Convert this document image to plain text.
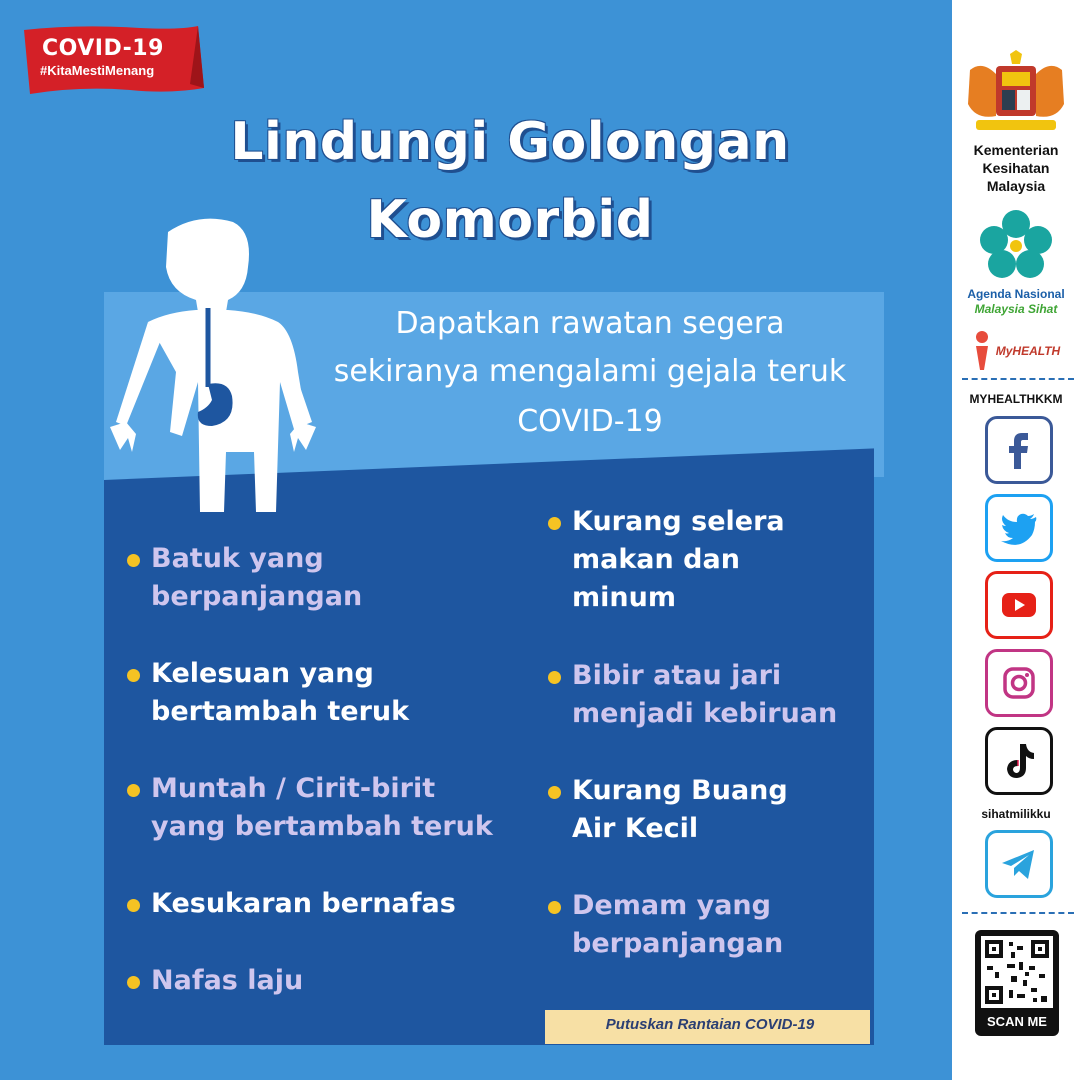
COVID-19
#KitaMestiMenang
Lindungi Golongan
Komorbid
Dapatkan rawatan segera
sekiranya mengalami gejala teruk
COVID-19
Batuk yang
berpanjangan
Kelesuan yang
bertambah teruk
Muntah / Cirit-birit
yang bertambah teruk
Kesukaran bernafas
Nafas laju
Kurang selera
makan dan
minum
Bibir atau jari
menjadi kebiruan
Kurang Buang
Air Kecil
Demam yang
berpanjangan
Putuskan Rantaian COVID-19
Kementerian
Kesihatan
Malaysia
Agenda Nasional
Malaysia Sihat
MyHEALTH
MYHEALTHKKM
sihatmilikku
SCAN ME
